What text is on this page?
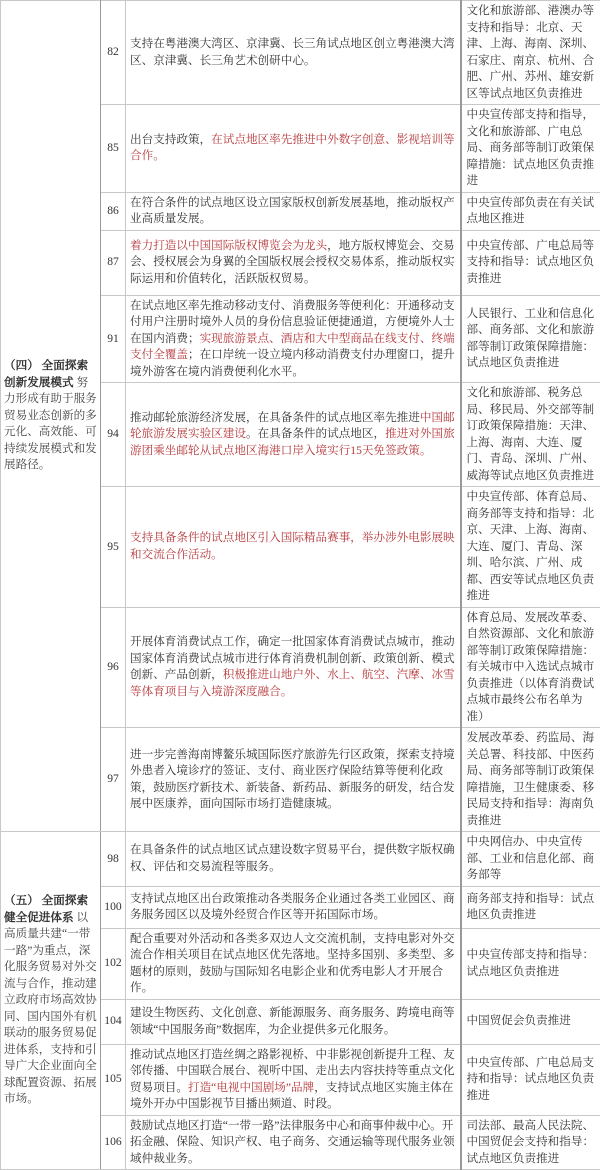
（四） 全面探索创新发展模式 努力形成有助于服务贸易业态创新的多元化、高效能、可持续发展模式和发展路径。	82	支持在粤港澳大湾区、京津冀、长三角试点地区创立粤港澳大湾区、京津冀、长三角艺术创研中心。	文化和旅游部、港澳办等支持和指导：北京、天津、上海、海南、深圳、石家庄、南京、杭州、合肥、广州、苏州、雄安新区等试点地区负责推进
	85	出台支持政策，在试点地区率先推进中外数字创意、影视培训等合作。	中央宣传部支持和指导，文化和旅游部、广电总局、商务部等制订政策保障措施：试点地区负责推进
	86	在符合条件的试点地区设立国家版权创新发展基地，推动版权产业高质量发展。	中央宣传部负责在有关试点地区推进
	87	着力打造以中国国际版权博览会为龙头，地方版权博览会、交易会、授权展会为身翼的全国版权展会授权交易体系，推动版权实际运用和价值转化，活跃版权贸易。	中央宣传部、广电总局等支持和指导：试点地区负责推进
	91	在试点地区率先推动移动支付、消费服务等便利化：开通移动支付用户注册时境外人员的身份信息验证便捷通道，方便境外人士在国内消费；实现旅游景点、酒店和大中型商品在线支付、终端支付全覆盖；在口岸统一设立境内移动消费支付办理窗口，提升境外游客在境内消费便利化水平。	人民银行、工业和信息化部、商务部、文化和旅游部等制订政策保障措施：试点地区负责推进
	94	推动邮轮旅游经济发展，在具备条件的试点地区率先推进中国邮轮旅游发展实验区建设。在具备条件的试点地区，推进对外国旅游团乘坐邮轮从试点地区海港口岸入境实行15天免签政策。	文化和旅游部、税务总局、移民局、外交部等制订政策保障措施：天津、上海、海南、大连、厦门、青岛、深圳、广州、威海等试点地区负责推进
	95	支持具备条件的试点地区引入国际精品赛事，举办涉外电影展映和交流合作活动。	中央宣传部、体育总局、商务部等支持和指导：北京、天津、上海、海南、大连、厦门、青岛、深圳、哈尔滨、广州、成都、西安等试点地区负责推进
	96	开展体育消费试点工作，确定一批国家体育消费试点城市，推动国家体育消费试点城市进行体育消费机制创新、政策创新、模式创新、产品创新，积极推进山地户外、水上、航空、汽摩、冰雪等体育项目与入境游深度融合。	体育总局、发展改革委、自然资源部、文化和旅游部等制订政策保障措施：有关城市中入选试点城市负责推进（以体育消费试点城市最终公布名单为准）
	97	进一步完善海南博鳌乐城国际医疗旅游先行区政策，探索支持境外患者入境诊疗的签证、支付、商业医疗保险结算等便利化政策，鼓励医疗新技术、新装备、新药品、新服务的研发，结合发展中医康养，面向国际市场打造健康城。	发展改革委、药监局、海关总署、科技部、中医药局、商务部等制订政策保障措施，卫生健康委、移民局支持和指导：海南负责推进
（五） 全面探索健全促进体系 以高质量共建“一带一路”为重点，深化服务贸易对外交流与合作，推动建立政府市场高效协同、国内国外有机联动的服务贸易促进体系，支持和引导广大企业面向全球配置资源、拓展市场。	98	在具备条件的试点地区试点建设数字贸易平台，提供数字版权确权、评估和交易流程等服务。	中央网信办、中央宣传部、工业和信息化部、商务部等
	100	支持试点地区出台政策推动各类服务企业通过各类工业园区、商务服务园区以及境外经贸合作区等开拓国际市场。	商务部支持和指导：试点地区负责推进
	102	配合重要对外活动和各类多双边人文交流机制，支持电影对外交流合作相关项目在试点地区优先落地。坚持多国别、多类型、多题材的原则，鼓励与国际知名电影企业和优秀电影人才开展合作。	中央宣传部支持和指导：试点地区负责推进
	104	建设生物医药、文化创意、新能源服务、商务服务、跨境电商等领域“中国服务商”数据库，为企业提供多元化服务。	中国贸促会负责推进
	105	推动试点地区打造丝绸之路影视桥、中非影视创新提升工程、友邻传播、中国联合展台、视听中国、走出去内容扶持等重点文化贸易项目。打造“电视中国剧场”品牌，支持试点地区实施主体在境外开办中国影视节目播出频道、时段。	中央宣传部、广电总局支持和指导：试点地区负责推进
	106	鼓励试点地区打造“一带一路”法律服务中心和商事仲裁中心。开拓金融、保险、知识产权、电子商务、交通运输等现代服务业领域仲裁业务。	司法部、最高人民法院、中国贸促会支持和指导：试点地区负责推进
